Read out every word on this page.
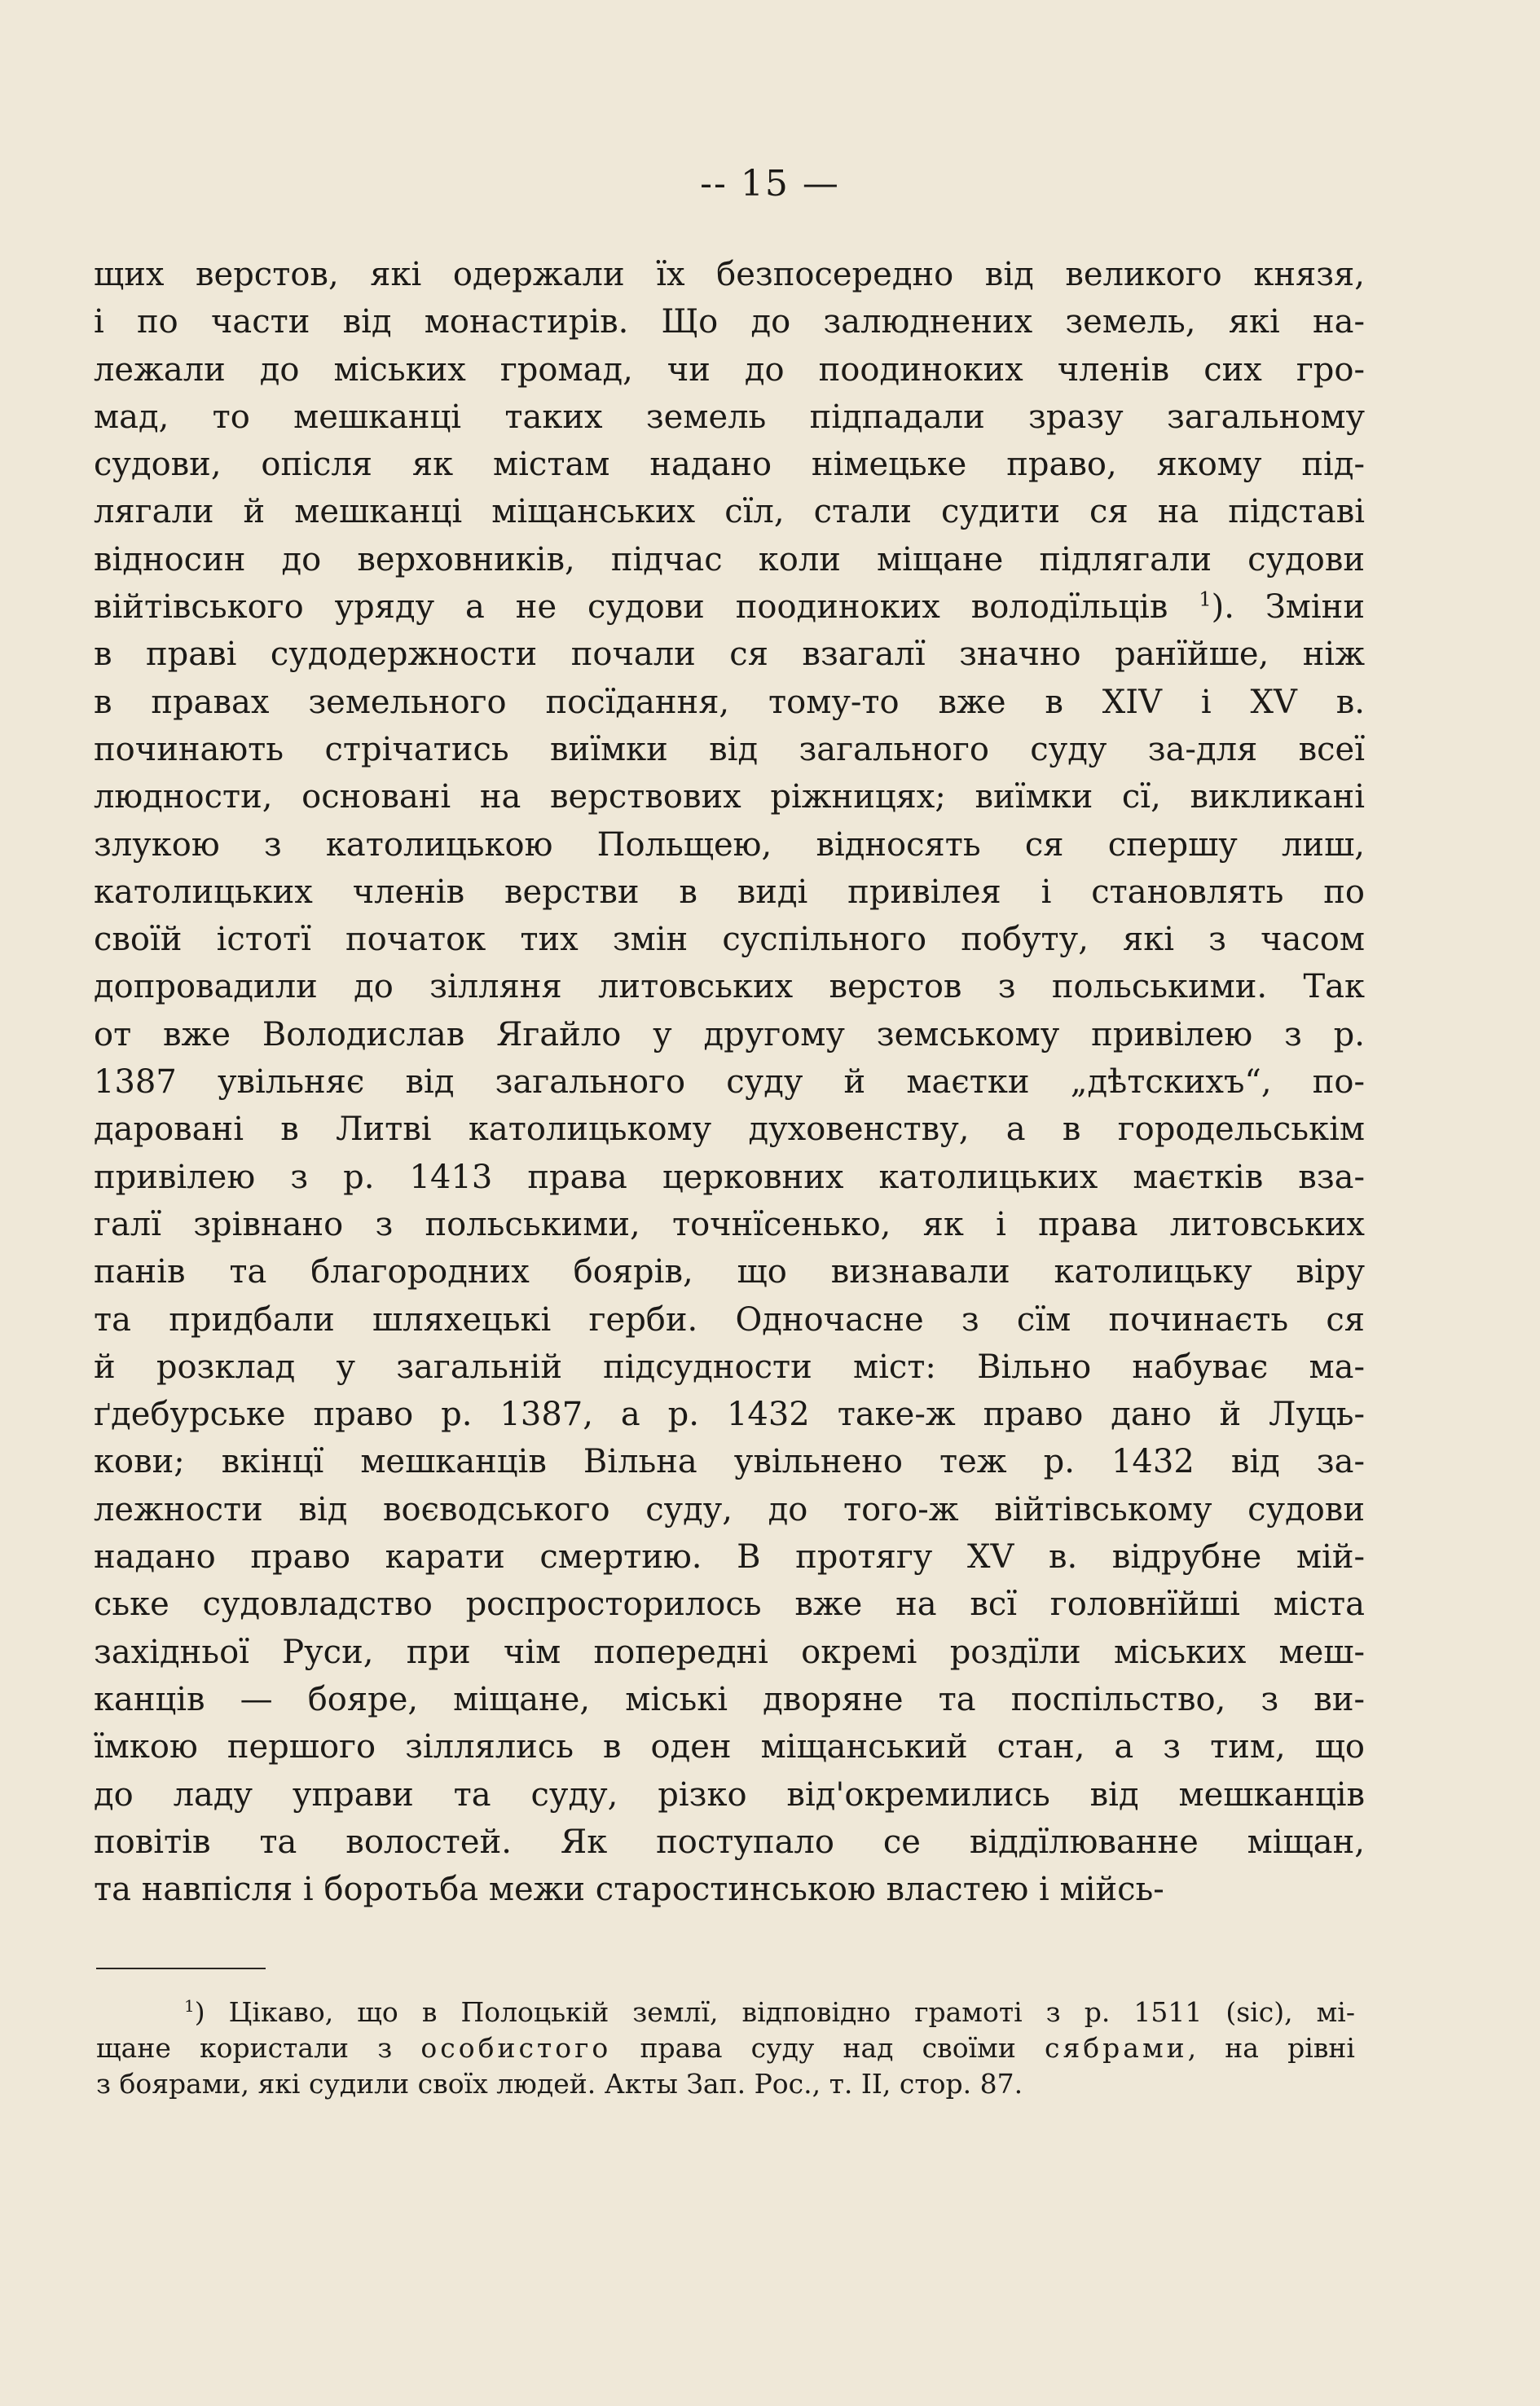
-- 15 —
щих верстов, які одержали їх безпосередно від великого князя,
і по части від монастирів. Що до залюднених земель, які на-
лежали до міських громад, чи до поодиноких членів сих гро-
мад, то мешканці таких земель підпадали зразу загальному
судови, опісля як містам надано німецьке право, якому під-
лягали й мешканці міщанських сїл, стали судити ся на підставі
відносин до верховників, підчас коли міщане підлягали судови
війтівського уряду а не судови поодиноких володїльців $^1$). Зміни
в праві судодержности почали ся взагалї значно ранїйше, ніж
в правах земельного посїдання, тому-то вже в XIV і XV в.
починають стрічатись виїмки від загального суду за-для всеї
людности, основані на верствових ріжницях; виїмки сї, викликані
злукою з католицькою Польщею, відносять ся спершу лиш,
католицьких членів верстви в виді привілея і становлять по
своїй істотї початок тих змін суспільного побуту, які з часом
допровадили до зілляня литовських верстов з польськими. Так
от вже Володислав Ягайло у другому земському привілею з р.
1387 увільняє від загального суду й маєтки „дѣтскихъ“, по-
даровані в Литві католицькому духовенству, а в городельськім
привілею з р. 1413 права церковних католицьких маєтків вза-
галї зрівнано з польськими, точнїсенько, як і права литовських
панів та благородних боярів, що визнавали католицьку віру
та придбали шляхецькі герби. Одночасне з сїм починаєть ся
й розклад у загальній підсудности міст: Вільно набуває ма-
ґдебурське право р. 1387, а р. 1432 таке-ж право дано й Луць-
кови; вкінцї мешканців Вільна увільнено теж р. 1432 від за-
лежности від воєводського суду, до того-ж війтівському судови
надано право карати смертию. В протягу XV в. відрубне мій-
ське судовладство роспросторилось вже на всї головнїйші міста
західньої Руси, при чім попередні окремі роздїли міських меш-
канців — бояре, міщане, міські дворяне та поспільство, з ви-
їмкою першого зіллялись в оден міщанський стан, а з тим, що
до ладу управи та суду, різко від'окремились від мешканців
повітів та волостей. Як поступало се віддїлюванне міщан,
та навпісля і боротьба межи старостинською властею і мійсь-
$^1$) Цікаво, що в Полоцькій землї, відповідно грамоті з р. 1511 (sic), мі-
щане користали з особистого права суду над своїми сябрами, на рівні
з боярами, які судили своїх людей. Акты Зап. Рос., т. II, стор. 87.
